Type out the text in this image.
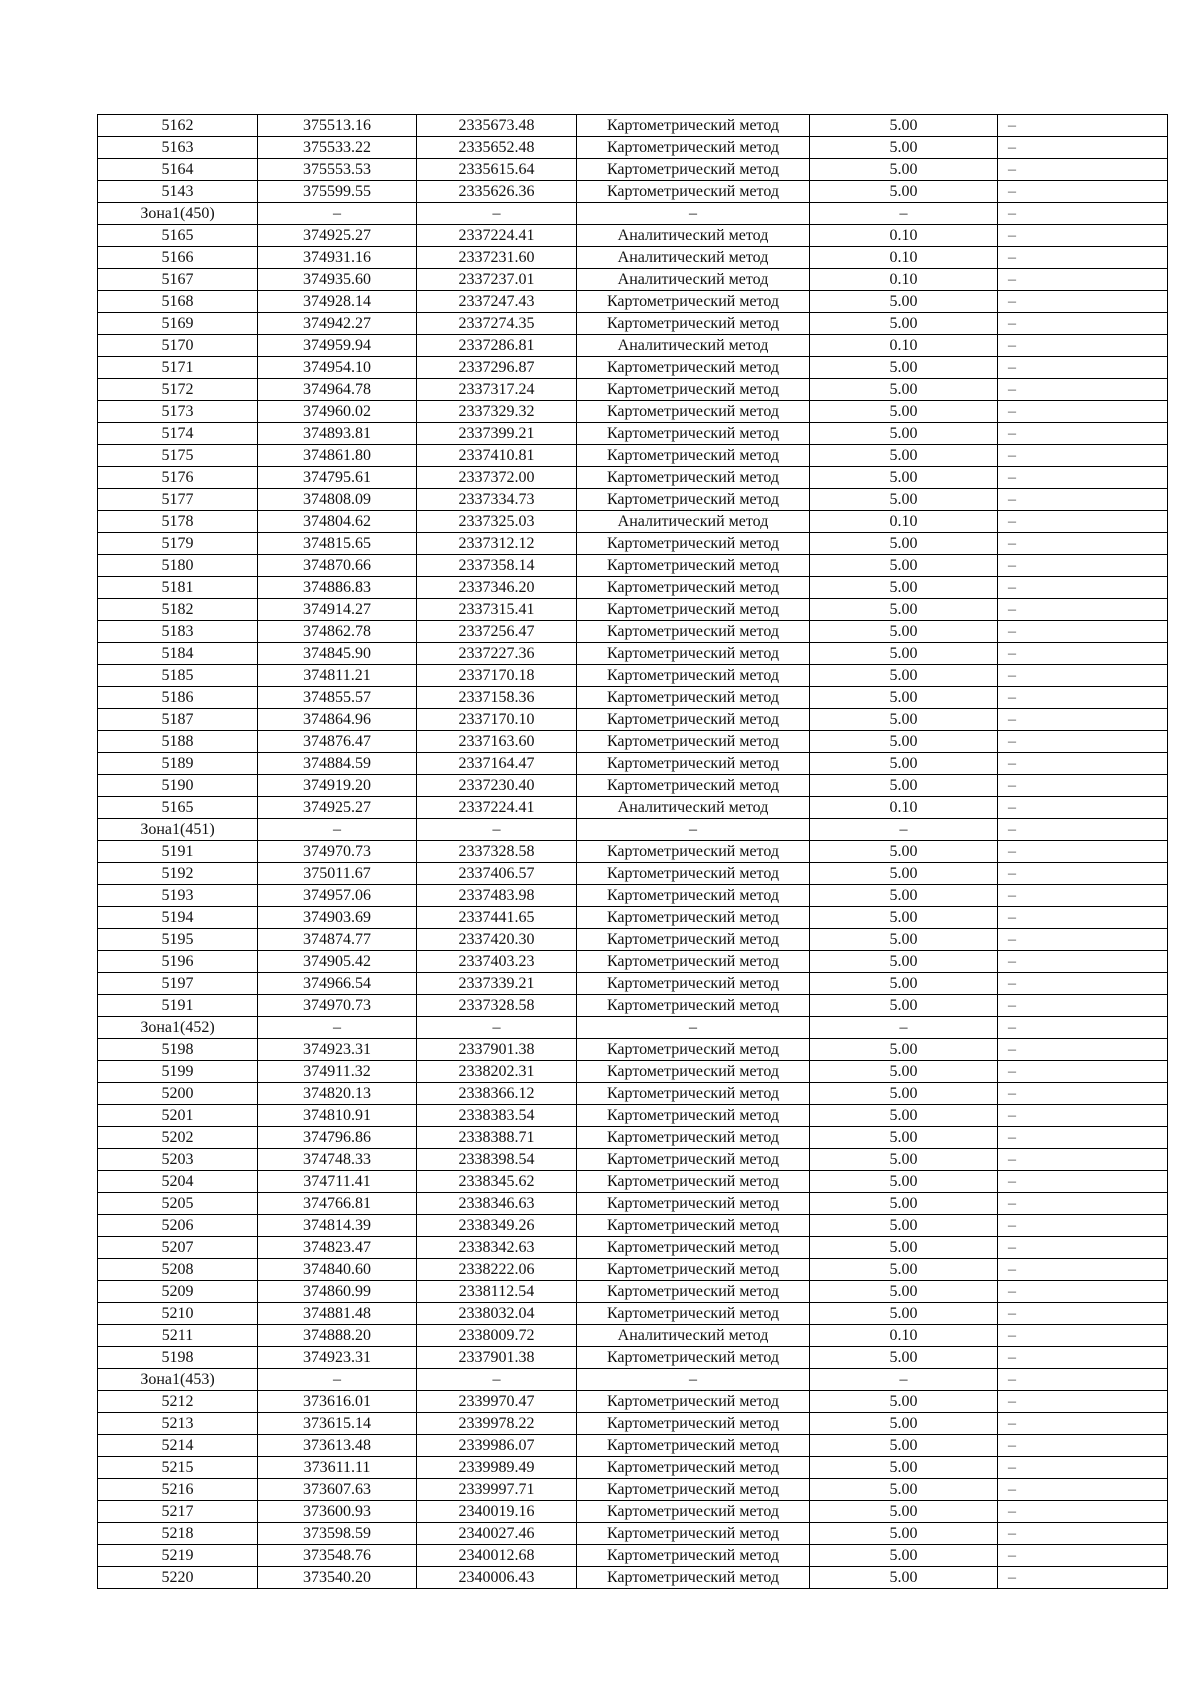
5162	375513.16	2335673.48	Картометрический метод	5.00	–
5163	375533.22	2335652.48	Картометрический метод	5.00	–
5164	375553.53	2335615.64	Картометрический метод	5.00	–
5143	375599.55	2335626.36	Картометрический метод	5.00	–
Зона1(450)	–	–	–	–	–
5165	374925.27	2337224.41	Аналитический метод	0.10	–
5166	374931.16	2337231.60	Аналитический метод	0.10	–
5167	374935.60	2337237.01	Аналитический метод	0.10	–
5168	374928.14	2337247.43	Картометрический метод	5.00	–
5169	374942.27	2337274.35	Картометрический метод	5.00	–
5170	374959.94	2337286.81	Аналитический метод	0.10	–
5171	374954.10	2337296.87	Картометрический метод	5.00	–
5172	374964.78	2337317.24	Картометрический метод	5.00	–
5173	374960.02	2337329.32	Картометрический метод	5.00	–
5174	374893.81	2337399.21	Картометрический метод	5.00	–
5175	374861.80	2337410.81	Картометрический метод	5.00	–
5176	374795.61	2337372.00	Картометрический метод	5.00	–
5177	374808.09	2337334.73	Картометрический метод	5.00	–
5178	374804.62	2337325.03	Аналитический метод	0.10	–
5179	374815.65	2337312.12	Картометрический метод	5.00	–
5180	374870.66	2337358.14	Картометрический метод	5.00	–
5181	374886.83	2337346.20	Картометрический метод	5.00	–
5182	374914.27	2337315.41	Картометрический метод	5.00	–
5183	374862.78	2337256.47	Картометрический метод	5.00	–
5184	374845.90	2337227.36	Картометрический метод	5.00	–
5185	374811.21	2337170.18	Картометрический метод	5.00	–
5186	374855.57	2337158.36	Картометрический метод	5.00	–
5187	374864.96	2337170.10	Картометрический метод	5.00	–
5188	374876.47	2337163.60	Картометрический метод	5.00	–
5189	374884.59	2337164.47	Картометрический метод	5.00	–
5190	374919.20	2337230.40	Картометрический метод	5.00	–
5165	374925.27	2337224.41	Аналитический метод	0.10	–
Зона1(451)	–	–	–	–	–
5191	374970.73	2337328.58	Картометрический метод	5.00	–
5192	375011.67	2337406.57	Картометрический метод	5.00	–
5193	374957.06	2337483.98	Картометрический метод	5.00	–
5194	374903.69	2337441.65	Картометрический метод	5.00	–
5195	374874.77	2337420.30	Картометрический метод	5.00	–
5196	374905.42	2337403.23	Картометрический метод	5.00	–
5197	374966.54	2337339.21	Картометрический метод	5.00	–
5191	374970.73	2337328.58	Картометрический метод	5.00	–
Зона1(452)	–	–	–	–	–
5198	374923.31	2337901.38	Картометрический метод	5.00	–
5199	374911.32	2338202.31	Картометрический метод	5.00	–
5200	374820.13	2338366.12	Картометрический метод	5.00	–
5201	374810.91	2338383.54	Картометрический метод	5.00	–
5202	374796.86	2338388.71	Картометрический метод	5.00	–
5203	374748.33	2338398.54	Картометрический метод	5.00	–
5204	374711.41	2338345.62	Картометрический метод	5.00	–
5205	374766.81	2338346.63	Картометрический метод	5.00	–
5206	374814.39	2338349.26	Картометрический метод	5.00	–
5207	374823.47	2338342.63	Картометрический метод	5.00	–
5208	374840.60	2338222.06	Картометрический метод	5.00	–
5209	374860.99	2338112.54	Картометрический метод	5.00	–
5210	374881.48	2338032.04	Картометрический метод	5.00	–
5211	374888.20	2338009.72	Аналитический метод	0.10	–
5198	374923.31	2337901.38	Картометрический метод	5.00	–
Зона1(453)	–	–	–	–	–
5212	373616.01	2339970.47	Картометрический метод	5.00	–
5213	373615.14	2339978.22	Картометрический метод	5.00	–
5214	373613.48	2339986.07	Картометрический метод	5.00	–
5215	373611.11	2339989.49	Картометрический метод	5.00	–
5216	373607.63	2339997.71	Картометрический метод	5.00	–
5217	373600.93	2340019.16	Картометрический метод	5.00	–
5218	373598.59	2340027.46	Картометрический метод	5.00	–
5219	373548.76	2340012.68	Картометрический метод	5.00	–
5220	373540.20	2340006.43	Картометрический метод	5.00	–
